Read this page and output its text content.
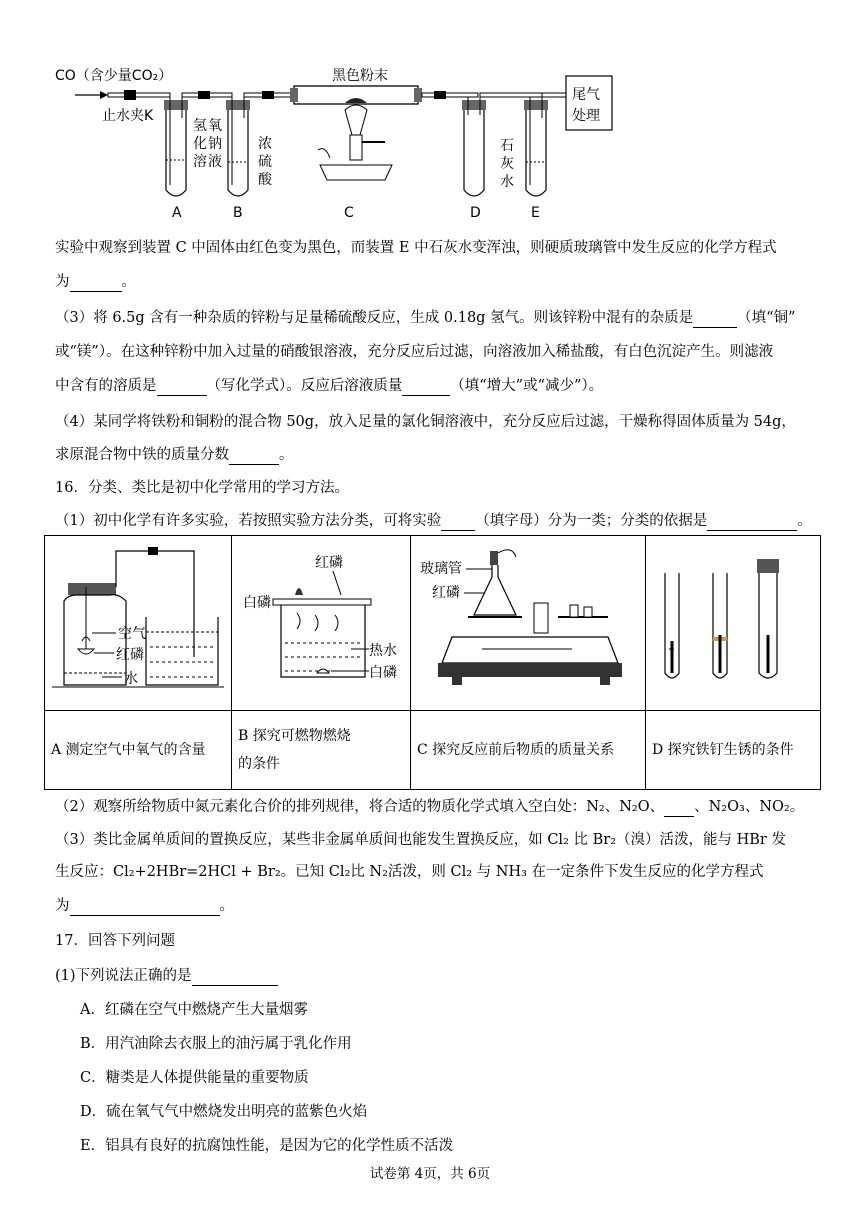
CO（含少量CO₂）
止水夹K
氢 氧
化 钠
溶 液
浓
硫
酸
黑色粉末
石
灰
水
尾气
处理
A	B	C	D	E
实验中观察到装置 C 中固体由红色变为黑色，而装置 E 中石灰水变浑浊，则硬质玻璃管中发生反应的化学方程式
为	。
（3）将 6.5g 含有一种杂质的锌粉与足量稀硫酸反应，生成 0.18g 氢气。则该锌粉中混有的杂质是	（填“铜”
或“镁”）。在这种锌粉中加入过量的硝酸银溶液，充分反应后过滤，向溶液加入稀盐酸，有白色沉淀产生。则滤液
中含有的溶质是	（写化学式）。反应后溶液质量	（填“增大”或“减少”）。
（4）某同学将铁粉和铜粉的混合物 50g，放入足量的氯化铜溶液中，充分反应后过滤，干燥称得固体质量为 54g，
求原混合物中铁的质量分数	。
16．分类、类比是初中化学常用的学习方法。
（1）初中化学有许多实验，若按照实验方法分类，可将实验 （填字母）分为一类；分类的依据是	。
空气
红磷
水	红磷
白磷
热水
白磷	玻璃管
红磷

A 测定空气中氧气的含量	B 探究可燃物燃烧
的条件	C 探究反应前后物质的质量关系	D 探究铁钉生锈的条件
（2）观察所给物质中氮元素化合价的排列规律，将合适的物质化学式填入空白处：N₂、N₂O、 、N₂O₃、NO₂。
（3）类比金属单质间的置换反应，某些非金属单质间也能发生置换反应，如 Cl₂ 比 Br₂（溴）活泼，能与 HBr 发
生反应：Cl₂+2HBr=2HCl + Br₂。已知 Cl₂比 N₂活泼，则 Cl₂ 与 NH₃ 在一定条件下发生反应的化学方程式
为	。
17．回答下列问题
(1)下列说法正确的是
A．红磷在空气中燃烧产生大量烟雾
B．用汽油除去衣服上的油污属于乳化作用
C．糖类是人体提供能量的重要物质
D．硫在氧气气中燃烧发出明亮的蓝紫色火焰
E．铝具有良好的抗腐蚀性能，是因为它的化学性质不活泼
试卷第 4页，共 6页
